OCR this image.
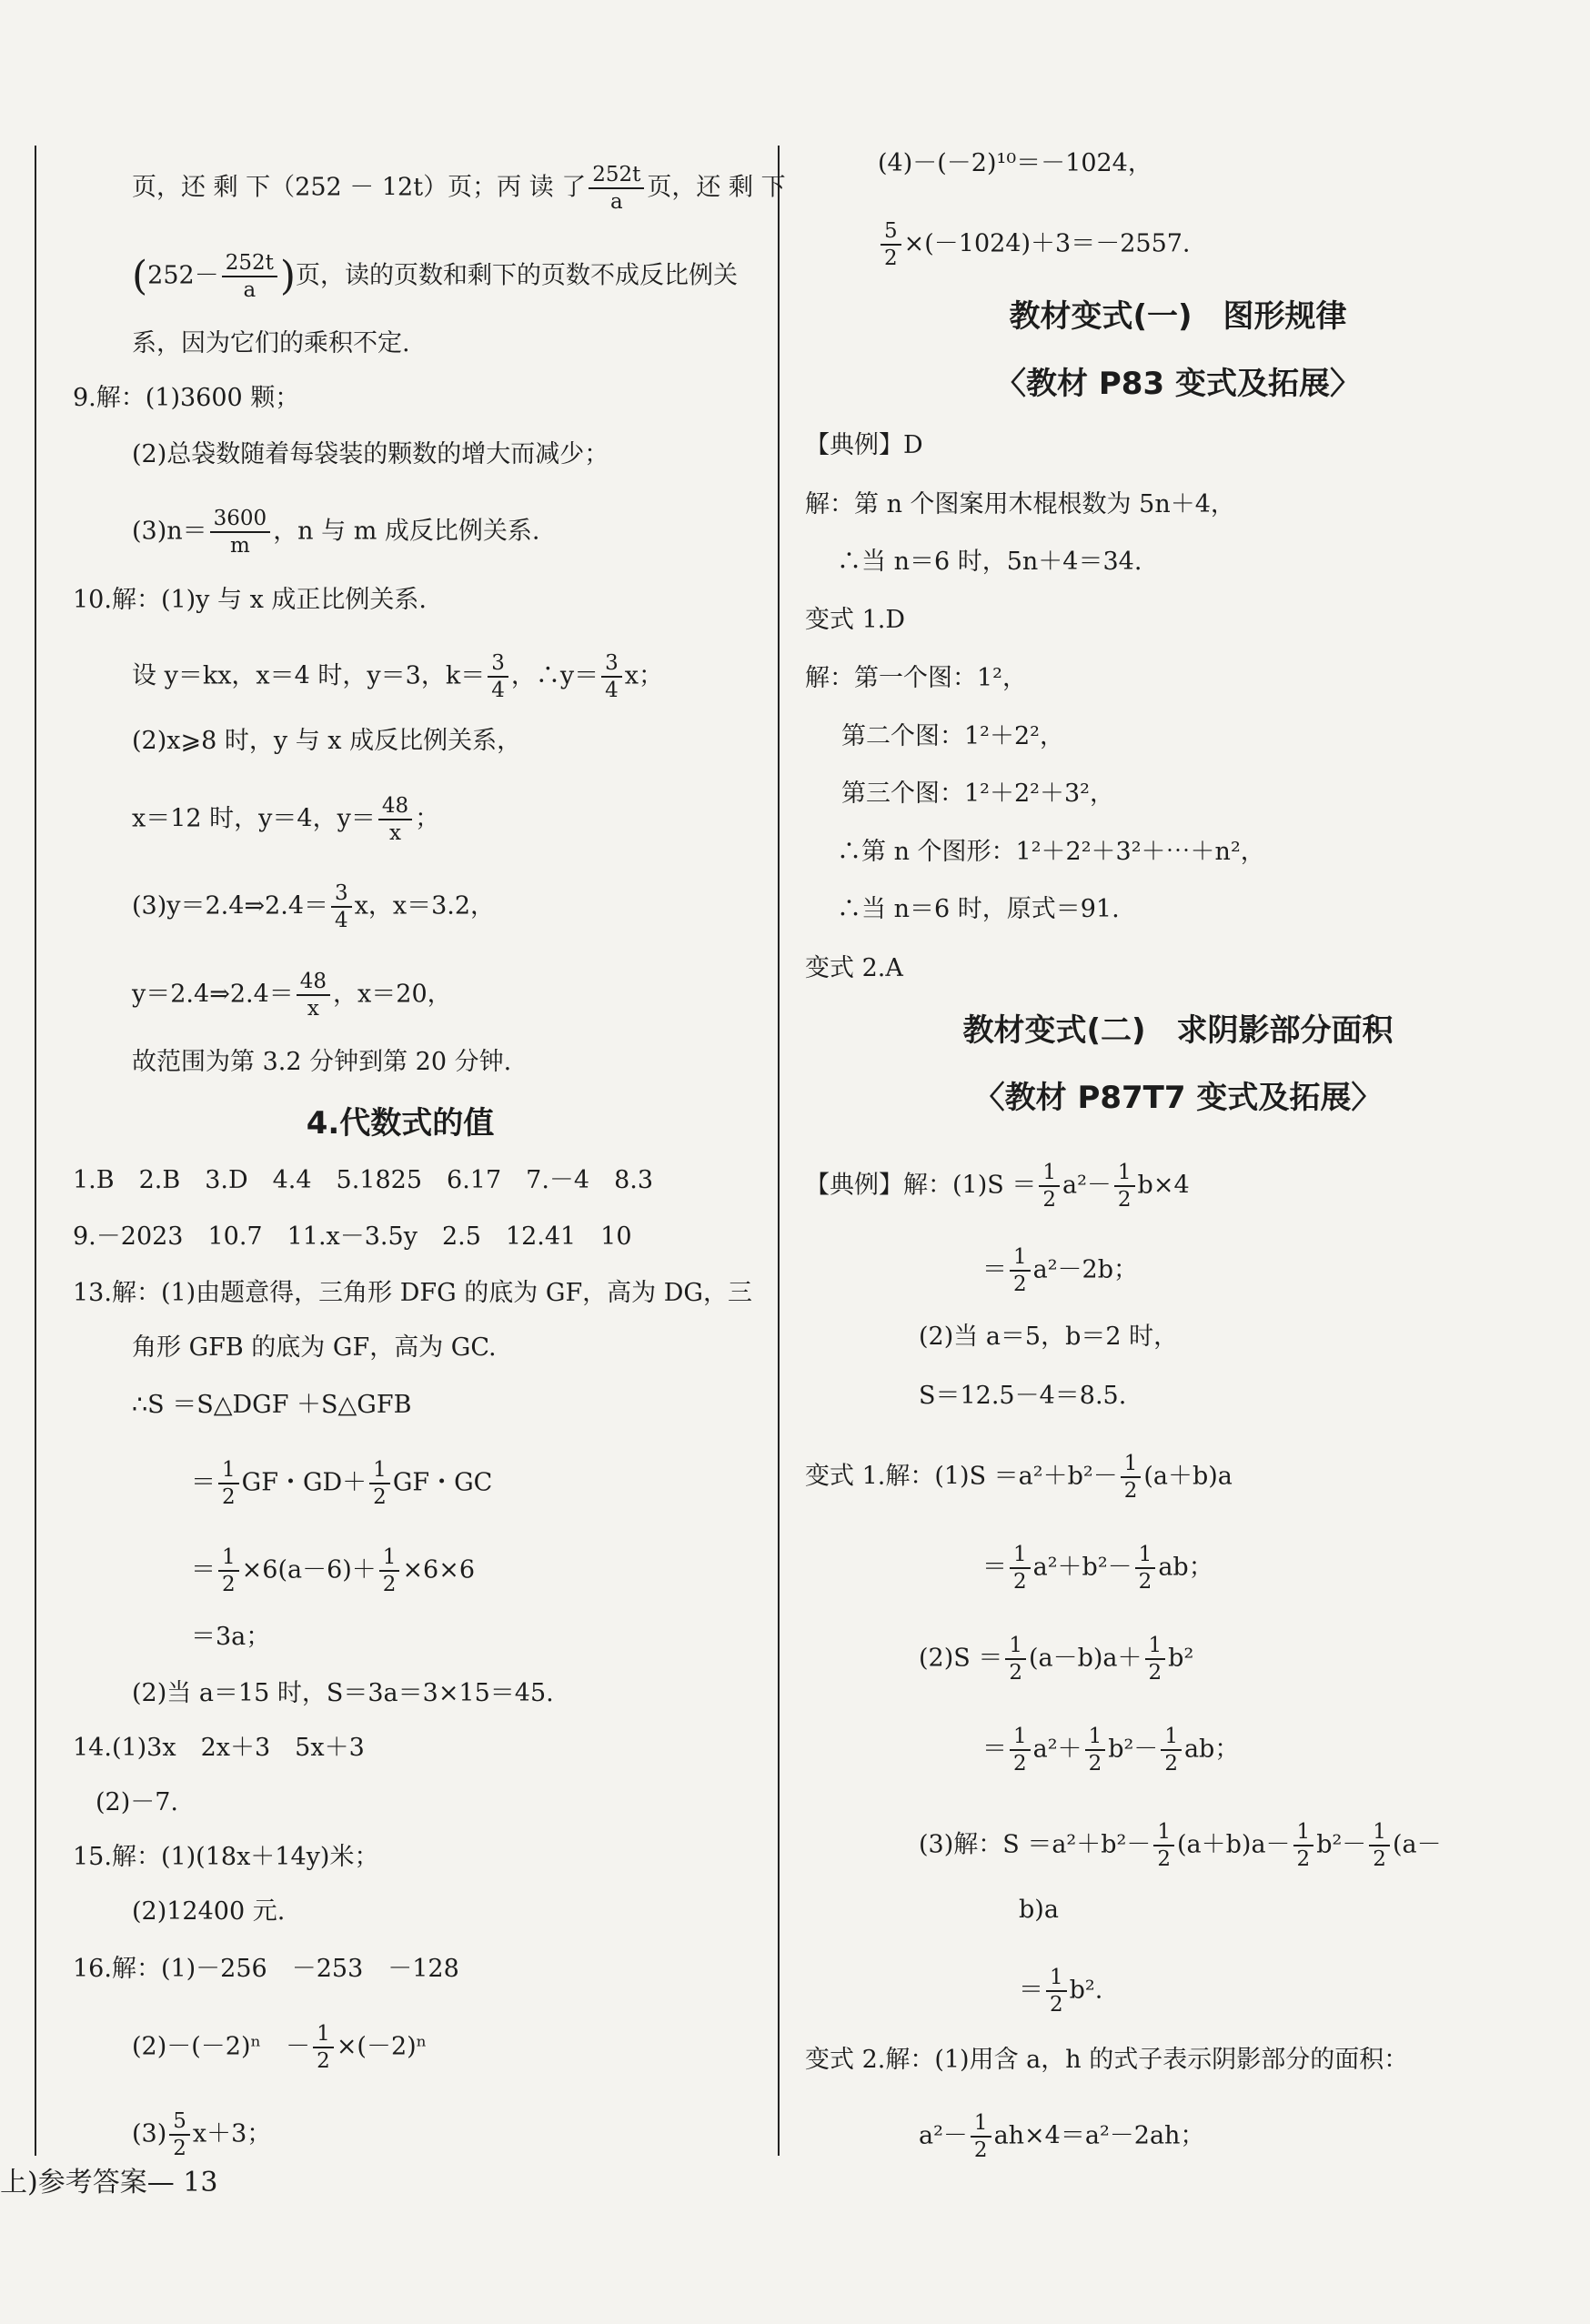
页，还 剩 下（252 － 12t）页；丙 读 了 $\frac{252t}{a}$ 页，还 剩 下
($252- \frac{252t}{a}$ )页，读的页数和剩下的页数不成反比例关
系，因为它们的乘积不定.
9.解：(1)3600 颗；
(2)总袋数随着每袋装的颗数的增大而减少；
$(3)n= \frac{3600}{m}$ ，n 与 m 成反比例关系.
10.解：(1)y 与 x 成正比例关系.
设 y＝kx，x＝4 时，y＝3，$k= \frac{3}{4}$ ，∴y＝ $\frac{3}{4}$ x；
(2)x⩾8 时，y 与 x 成反比例关系，
x＝12 时，y＝4，$y= \frac{48}{x}$ ；
(3)y＝2.4⇒2.4＝ $\frac{3}{4}$ x，x＝3.2，
y＝2.4⇒2.4＝ $\frac{48}{x}$ ，x＝20，
故范围为第 3.2 分钟到第 20 分钟.
4.代数式的值
1.B　2.B　3.D　4.4　5.1825　6.17　7.－4　8.3
9.－2023　10.7　11.x－3.5y　2.5　12.41　10
13.解：(1)由题意得，三角形 DFG 的底为 GF，高为 DG，三
角形 GFB 的底为 GF，高为 GC.
∴S ＝S△DGF ＋S△GFB
＝ $\frac{1}{2}$ GF・$GD+ \frac{1}{2}$ GF・GC
＝ $\frac{1}{2} \times 6(a-6)+ \frac{1}{2} \times 6\times 6$
＝3a；
(2)当 a＝15 时，S＝3a＝3×15＝45.
14.(1)3x　2x＋3　5x＋3
(2)－7.
15.解：(1)(18x＋14y)米；
(2)12400 元.
16.解：(1)－256　－253　－128
(2)－(－2)ⁿ　－ $\frac{1}{2} \times(-2)^n$
$(3) \frac{5}{2} x+3$；
(4)－(－2)¹⁰＝－1024，
$\frac{5}{2} \times(-1024)+3=-2557$.
教材变式(一)　图形规律
〈教材 P83 变式及拓展〉
【典例】D
解：第 n 个图案用木棍根数为 5n＋4，
∴当 n＝6 时，5n＋4＝34.
变式 1.D
解：第一个图：1²，
第二个图：1²＋2²，
第三个图：1²＋2²＋3²，
∴第 n 个图形：1²＋2²＋3²＋⋯＋n²，
∴当 n＝6 时，原式＝91.
变式 2.A
教材变式(二)　求阴影部分面积
〈教材 P87T7 变式及拓展〉
【典例】解：$(1)S = \frac{1}{2} a^2- \frac{1}{2} b\times 4$
＝ $\frac{1}{2} a^2-2b$；
(2)当 a＝5，b＝2 时，
S＝12.5－4＝8.5.
变式 1.解：$(1)S =a^2+b^2- \frac{1}{2} (a+b)a$
＝ $\frac{1}{2} a^2+b^2- \frac{1}{2}$ ab；
$(2)S = \frac{1}{2} (a-b)a+ \frac{1}{2} b^2$
＝ $\frac{1}{2} a^2+ \frac{1}{2} b^2- \frac{1}{2}$ ab；
(3)解：$S =a^2+b^2- \frac{1}{2} (a+b)a- \frac{1}{2} b^2- \frac{1}{2} (a-$
b)a
＝ $\frac{1}{2} b^2$.
变式 2.解：(1)用含 a，h 的式子表示阴影部分的面积：
$a^2- \frac{1}{2} ah\times 4=a^2-2ah$；
上)参考答案— 13
